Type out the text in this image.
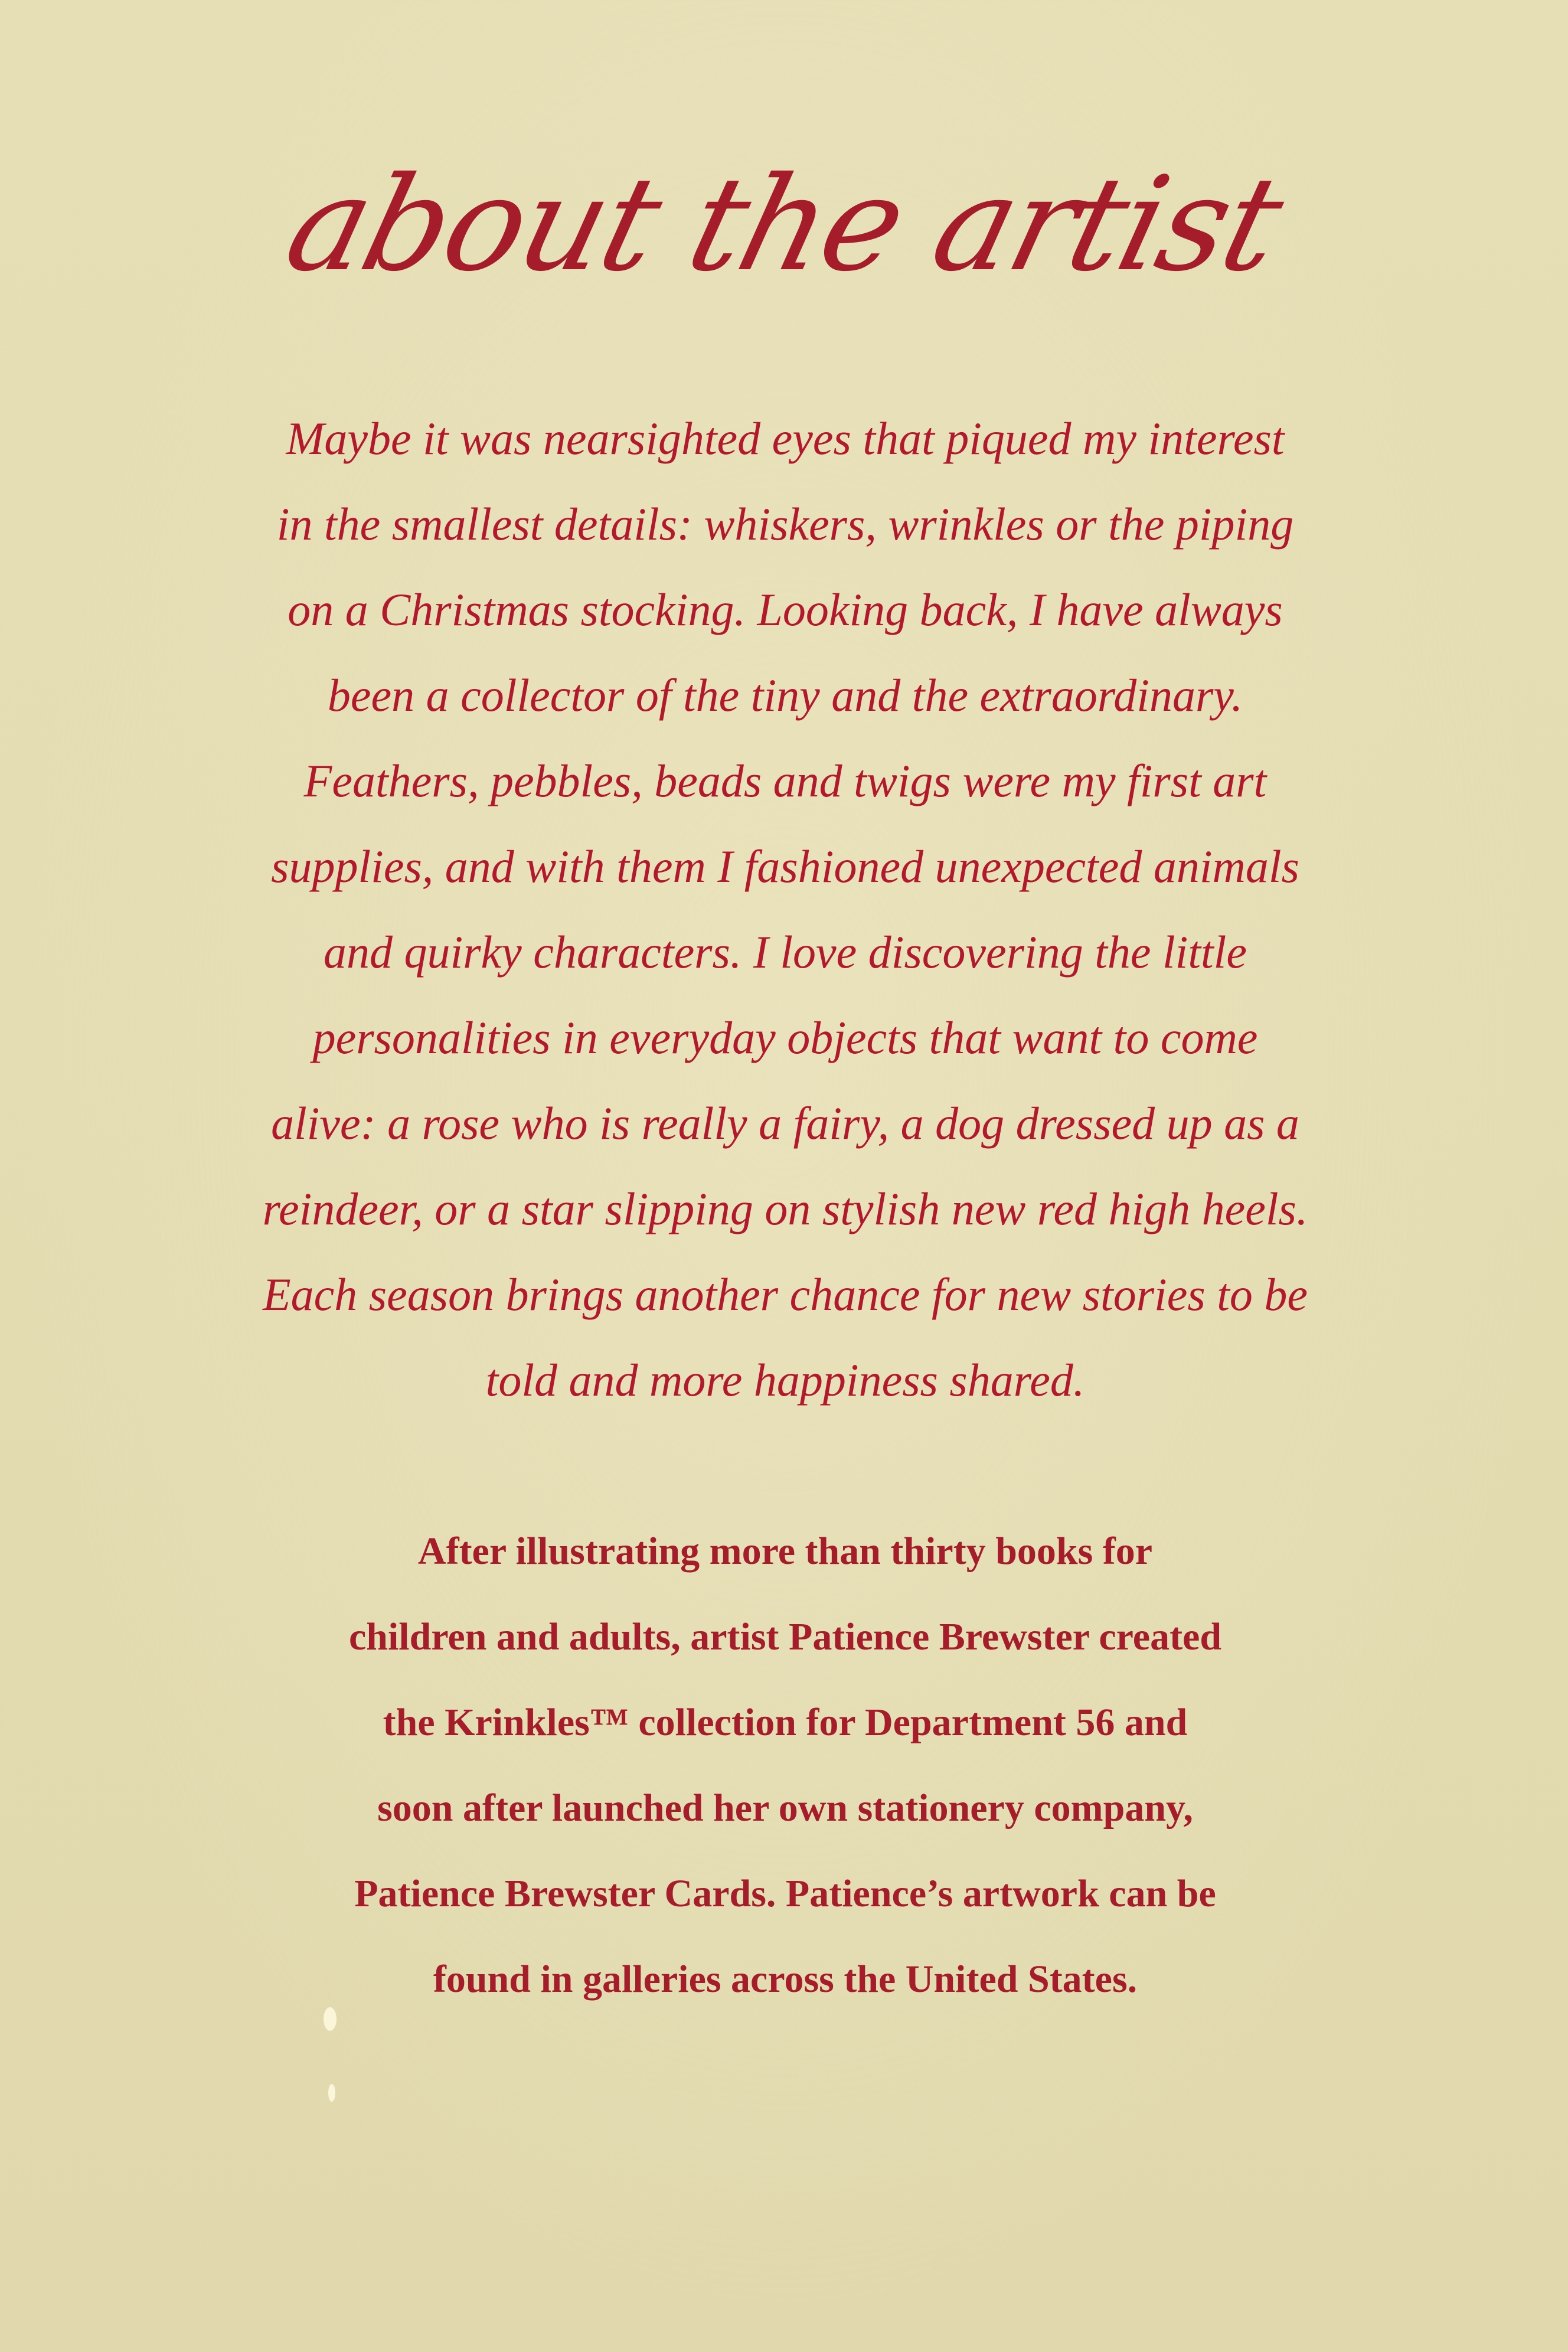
about the artist

Maybe it was nearsighted eyes that piqued my interest
in the smallest details: whiskers, wrinkles or the piping
on a Christmas stocking. Looking back, I have always
been a collector of the tiny and the extraordinary.
Feathers, pebbles, beads and twigs were my first art
supplies, and with them I fashioned unexpected animals
and quirky characters. I love discovering the little
personalities in everyday objects that want to come
alive: a rose who is really a fairy, a dog dressed up as a
reindeer, or a star slipping on stylish new red high heels.
Each season brings another chance for new stories to be
told and more happiness shared.

After illustrating more than thirty books for
children and adults, artist Patience Brewster created
the Krinkles™ collection for Department 56 and
soon after launched her own stationery company,
Patience Brewster Cards. Patience’s artwork can be
found in galleries across the United States.
